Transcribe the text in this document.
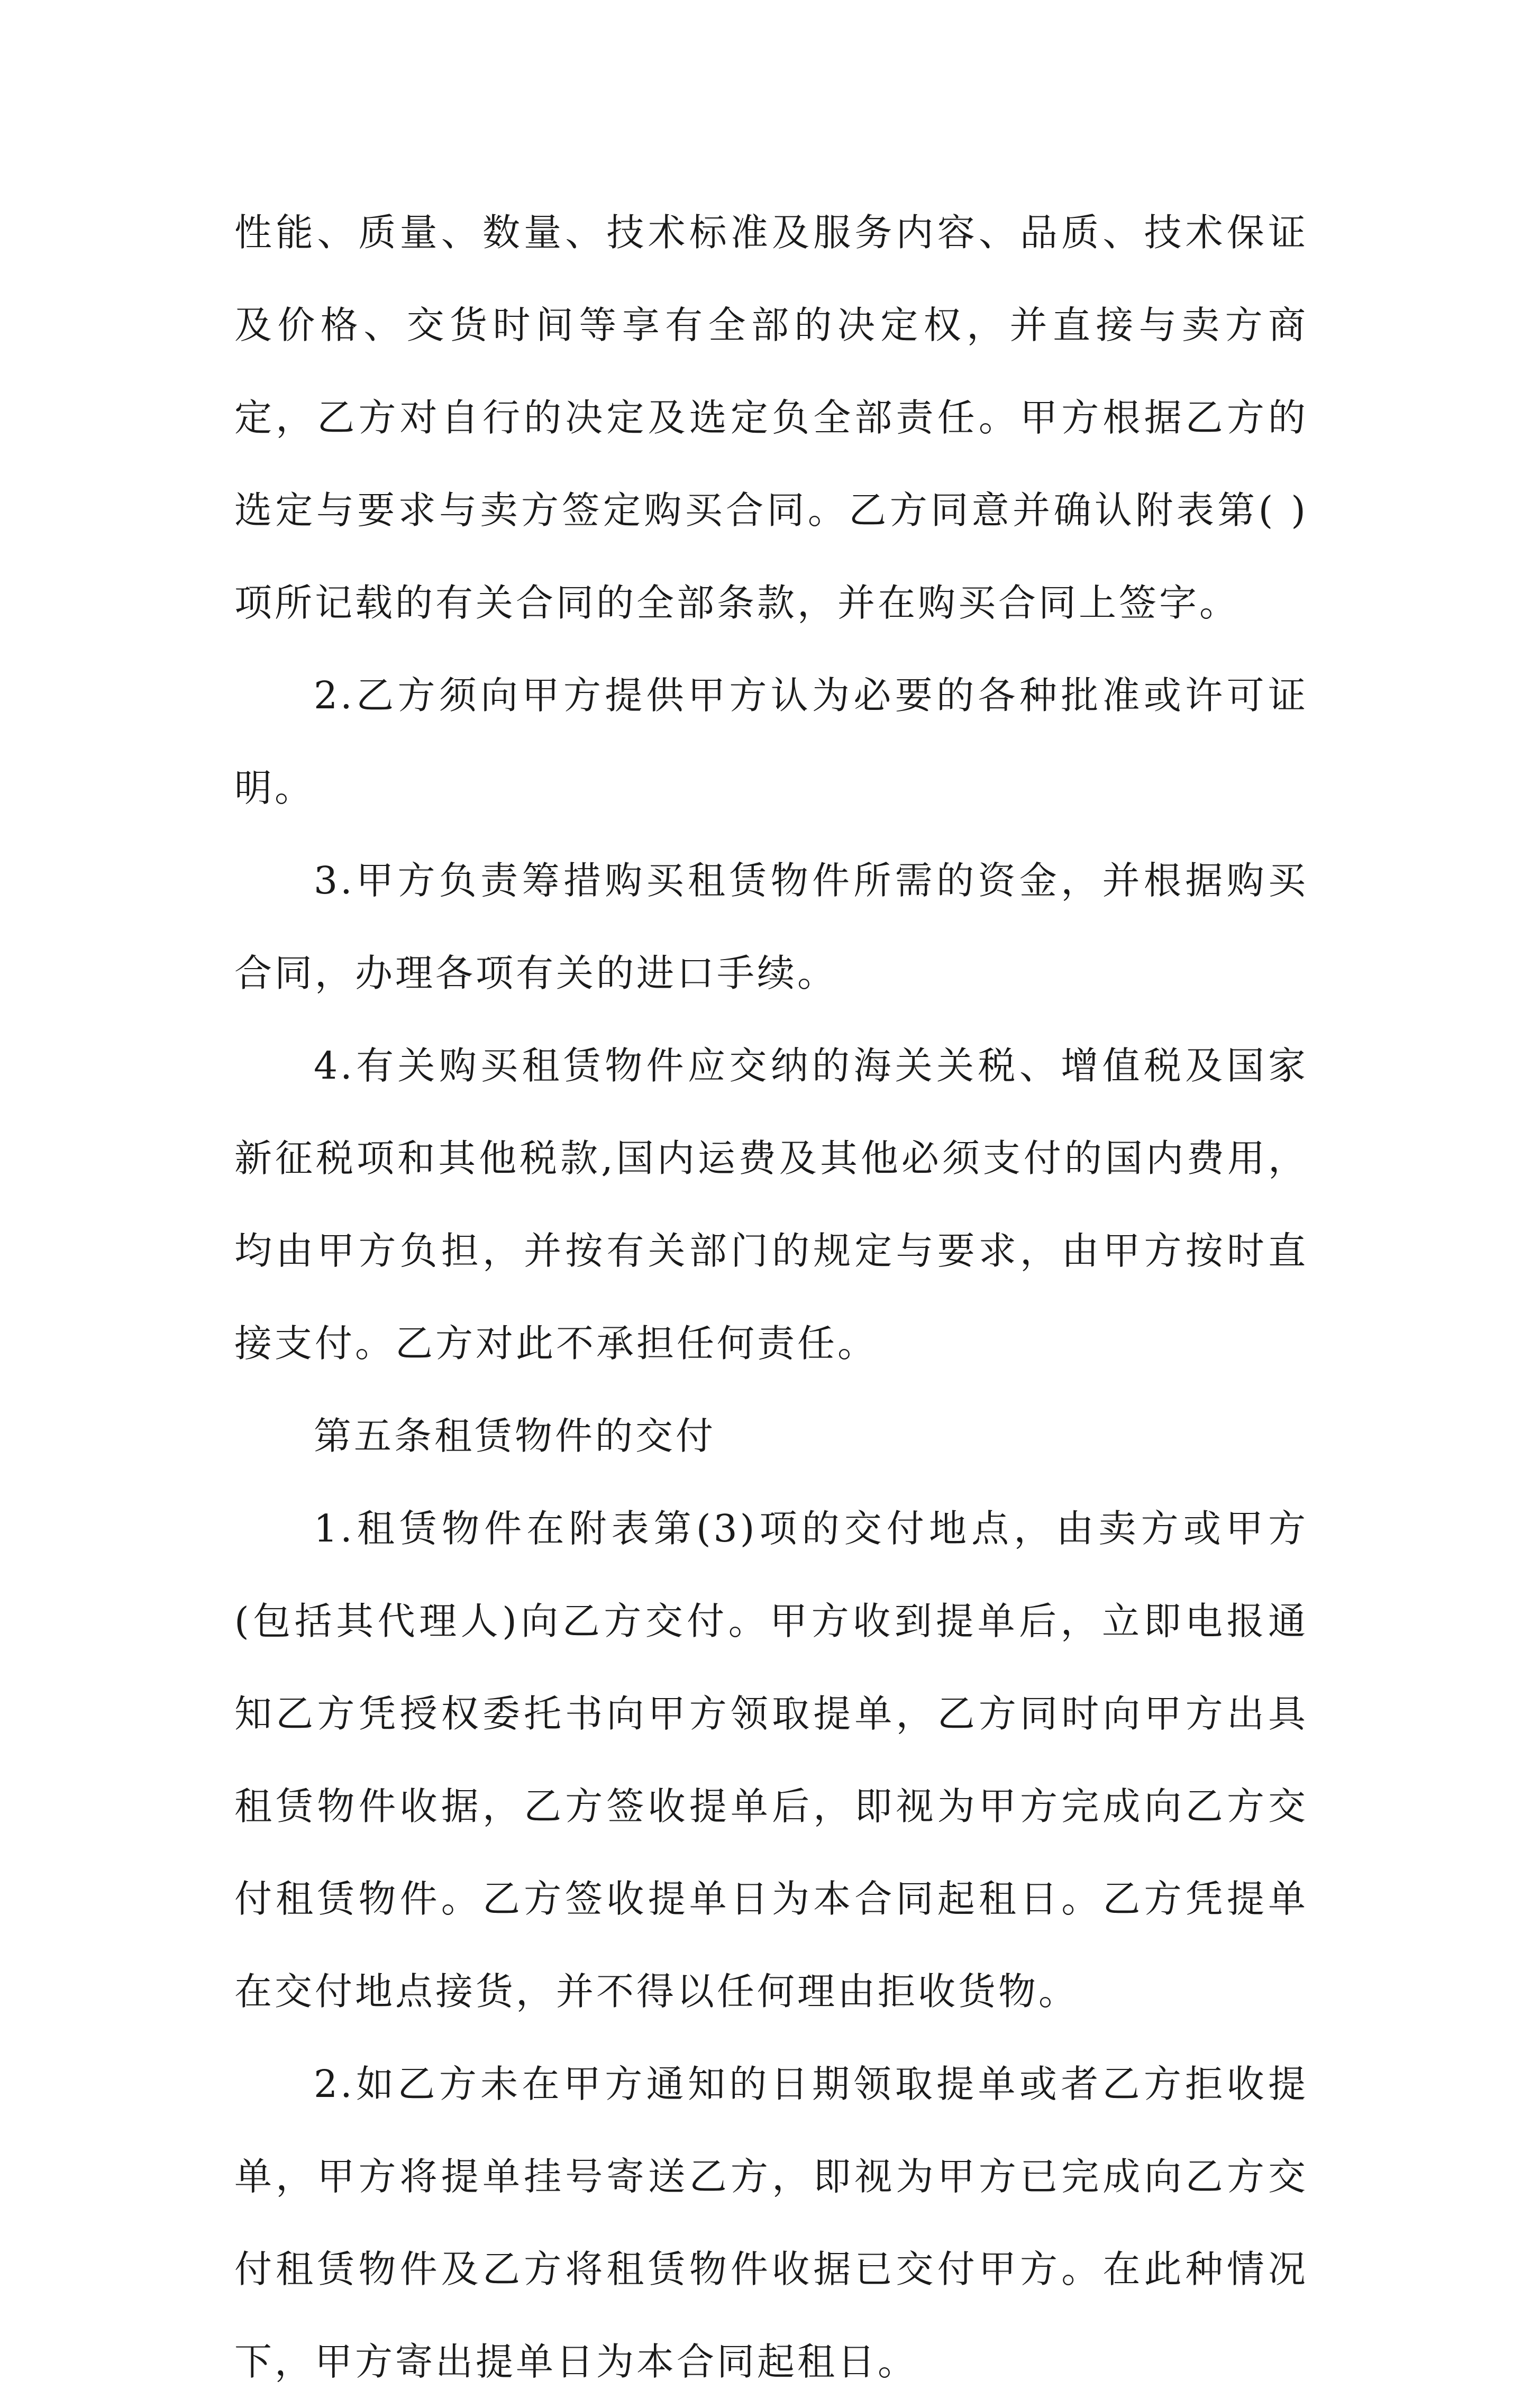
性能、质量、数量、技术标准及服务内容、品质、技术保证及价格、交货时间等享有全部的决定权，并直接与卖方商定，乙方对自行的决定及选定负全部责任。甲方根据乙方的选定与要求与卖方签定购买合同。乙方同意并确认附表第( )项所记载的有关合同的全部条款，并在购买合同上签字。

2.乙方须向甲方提供甲方认为必要的各种批准或许可证明。

3.甲方负责筹措购买租赁物件所需的资金，并根据购买合同，办理各项有关的进口手续。

4.有关购买租赁物件应交纳的海关关税、增值税及国家新征税项和其他税款,国内运费及其他必须支付的国内费用，均由甲方负担，并按有关部门的规定与要求，由甲方按时直接支付。乙方对此不承担任何责任。

第五条租赁物件的交付

1.租赁物件在附表第(3)项的交付地点，由卖方或甲方(包括其代理人)向乙方交付。甲方收到提单后，立即电报通知乙方凭授权委托书向甲方领取提单，乙方同时向甲方出具租赁物件收据，乙方签收提单后，即视为甲方完成向乙方交付租赁物件。乙方签收提单日为本合同起租日。乙方凭提单在交付地点接货，并不得以任何理由拒收货物。

2.如乙方未在甲方通知的日期领取提单或者乙方拒收提单，甲方将提单挂号寄送乙方，即视为甲方已完成向乙方交付租赁物件及乙方将租赁物件收据已交付甲方。在此种情况下，甲方寄出提单日为本合同起租日。
